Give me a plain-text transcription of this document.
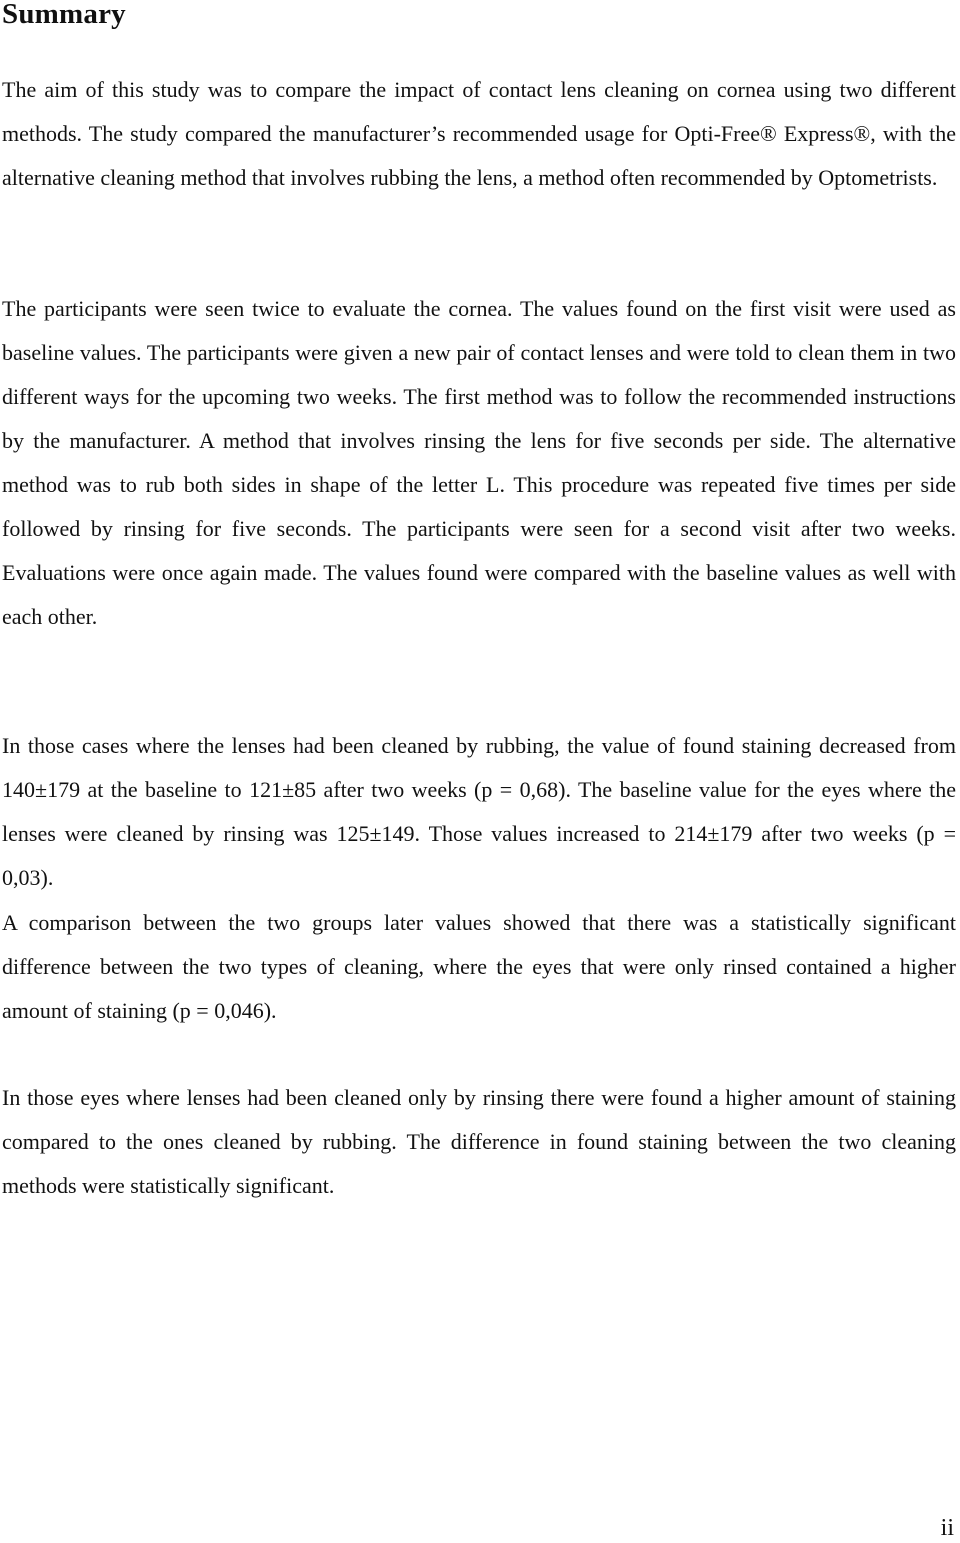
Summary

The aim of this study was to compare the impact of contact lens cleaning on cornea using two different methods. The study compared the manufacturer’s recommended usage for Opti-Free® Express®, with the alternative cleaning method that involves rubbing the lens, a method often recommended by Optometrists.

The participants were seen twice to evaluate the cornea. The values found on the first visit were used as baseline values. The participants were given a new pair of contact lenses and were told to clean them in two different ways for the upcoming two weeks. The first method was to follow the recommended instructions by the manufacturer. A method that involves rinsing the lens for five seconds per side. The alternative method was to rub both sides in shape of the letter L. This procedure was repeated five times per side followed by rinsing for five seconds. The participants were seen for a second visit after two weeks. Evaluations were once again made. The values found were compared with the baseline values as well with each other.

In those cases where the lenses had been cleaned by rubbing, the value of found staining decreased from 140±179 at the baseline to 121±85 after two weeks (p = 0,68). The baseline value for the eyes where the lenses were cleaned by rinsing was 125±149. Those values increased to 214±179 after two weeks (p = 0,03).

A comparison between the two groups later values showed that there was a statistically significant difference between the two types of cleaning, where the eyes that were only rinsed contained a higher amount of staining (p = 0,046).

In those eyes where lenses had been cleaned only by rinsing there were found a higher amount of staining compared to the ones cleaned by rubbing. The difference in found staining between the two cleaning methods were statistically significant.

ii
